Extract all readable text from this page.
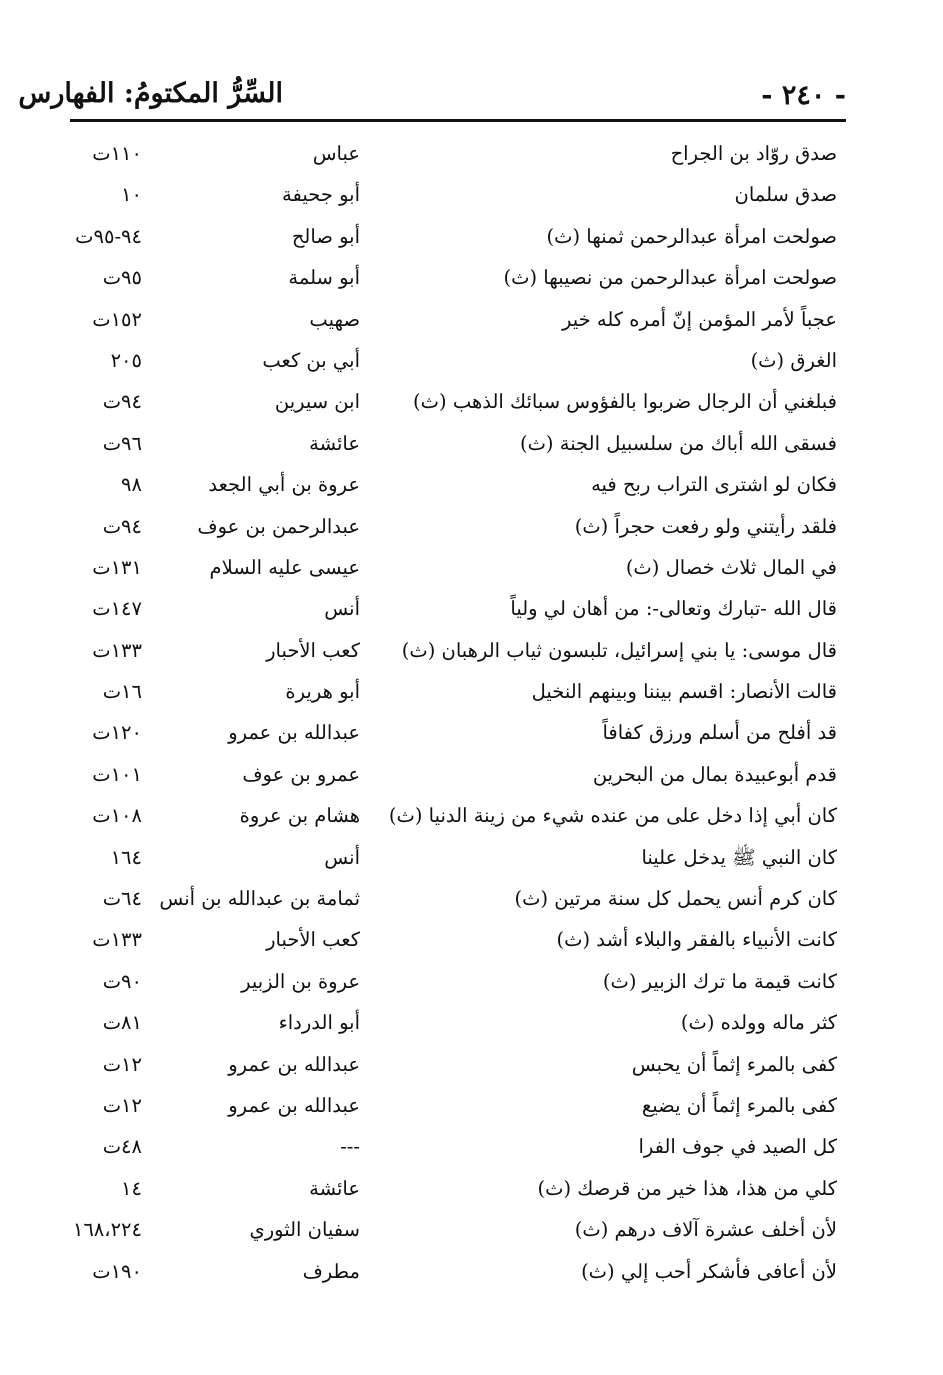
السِّرُّ المكتومُ: الفهارس	- ٢٤٠ -
صدق روّاد بن الجراح
عباس
١١٠ت
صدق سلمان
أبو جحيفة
١٠
صولحت امرأة عبدالرحمن ثمنها (ث)
أبو صالح
٩٤-٩٥ت
صولحت امرأة عبدالرحمن من نصيبها (ث)
أبو سلمة
٩٥ت
عجباً لأمر المؤمن إنّ أمره كله خير
صهيب
١٥٢ت
الغرق (ث)
أبي بن كعب
٢٠٥
فبلغني أن الرجال ضربوا بالفؤوس سبائك الذهب (ث)
ابن سيرين
٩٤ت
فسقى الله أباك من سلسبيل الجنة (ث)
عائشة
٩٦ت
فكان لو اشترى التراب ربح فيه
عروة بن أبي الجعد
٩٨
فلقد رأيتني ولو رفعت حجراً (ث)
عبدالرحمن بن عوف
٩٤ت
في المال ثلاث خصال (ث)
عيسى عليه السلام
١٣١ت
قال الله -تبارك وتعالى-: من أهان لي ولياً
أنس
١٤٧ت
قال موسى: يا بني إسرائيل، تلبسون ثياب الرهبان (ث)
كعب الأحبار
١٣٣ت
قالت الأنصار: اقسم بيننا وبينهم النخيل
أبو هريرة
١٦ت
قد أفلح من أسلم ورزق كفافاً
عبدالله بن عمرو
١٢٠ت
قدم أبوعبيدة بمال من البحرين
عمرو بن عوف
١٠١ت
كان أبي إذا دخل على من عنده شيء من زينة الدنيا (ث)
هشام بن عروة
١٠٨ت
كان النبي ﷺ يدخل علينا
أنس
١٦٤
كان كرم أنس يحمل كل سنة مرتين (ث)
ثمامة بن عبدالله بن أنس
٦٤ت
كانت الأنبياء بالفقر والبلاء أشد (ث)
كعب الأحبار
١٣٣ت
كانت قيمة ما ترك الزبير (ث)
عروة بن الزبير
٩٠ت
كثر ماله وولده (ث)
أبو الدرداء
٨١ت
كفى بالمرء إثماً أن يحبس
عبدالله بن عمرو
١٢ت
كفى بالمرء إثماً أن يضيع
عبدالله بن عمرو
١٢ت
كل الصيد في جوف الفرا
---
٤٨ت
كلي من هذا، هذا خير من قرصك (ث)
عائشة
١٤
لأن أخلف عشرة آلاف درهم (ث)
سفيان الثوري
١٦٨،٢٢٤
لأن أعافى فأشكر أحب إلي (ث)
مطرف
١٩٠ت
